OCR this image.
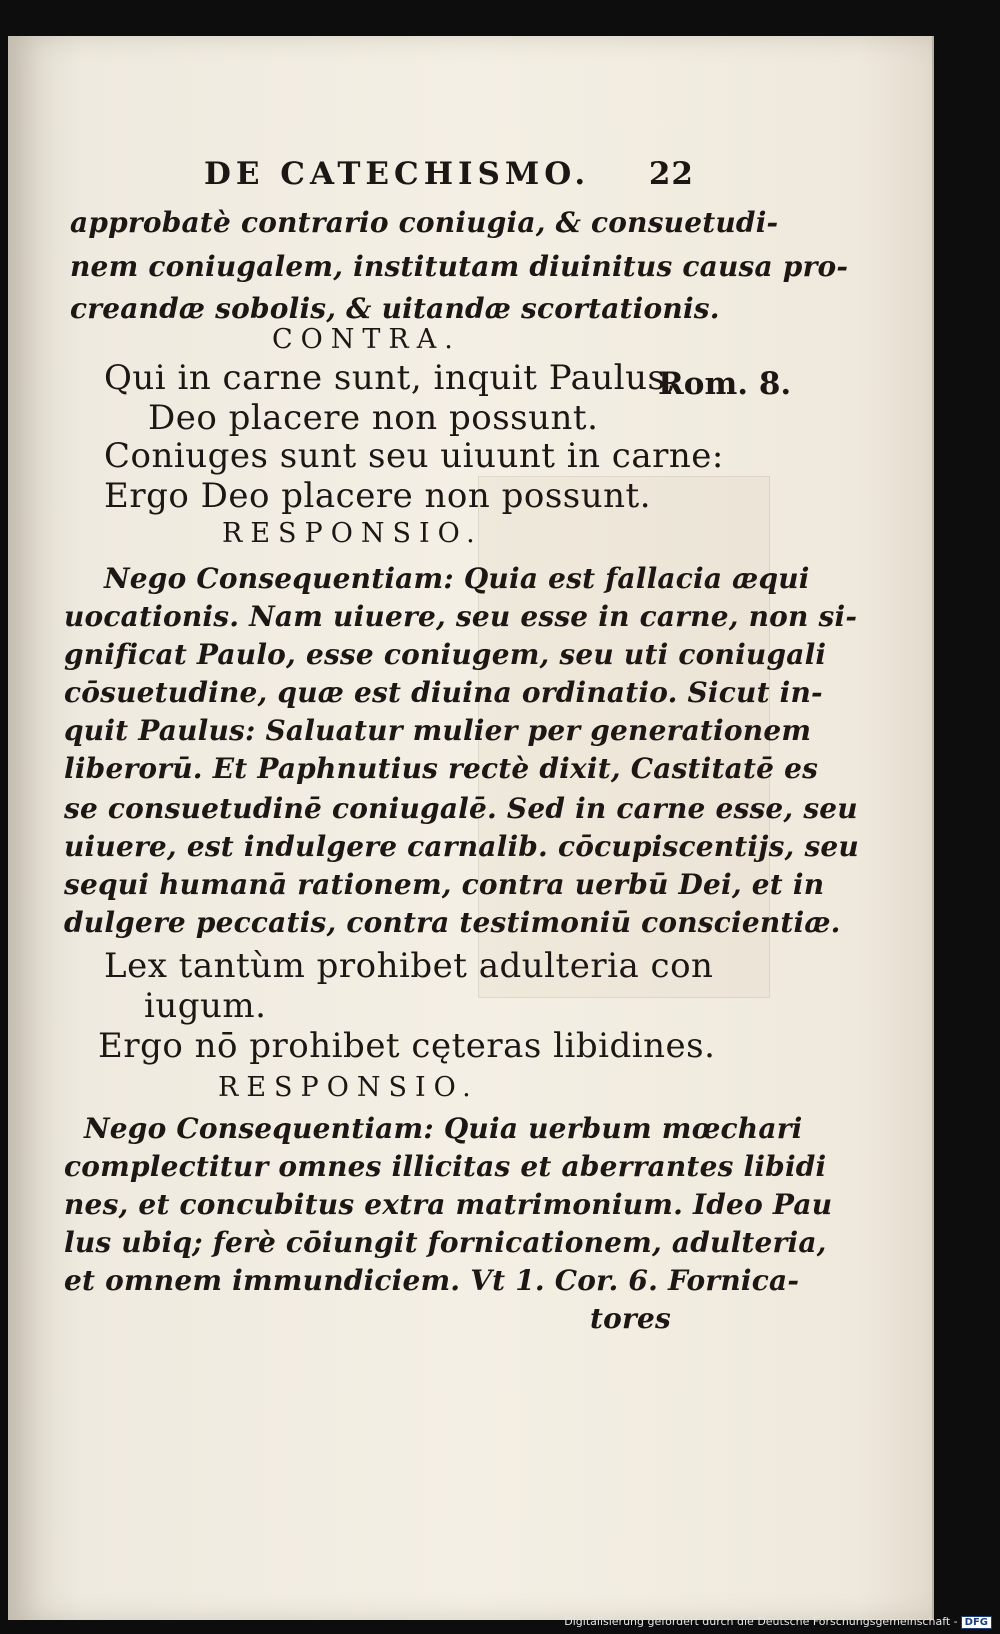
DE CATECHISMO. 22
approbatè contrario coniugia, & consuetudi-
nem coniugalem, institutam diuinitus causa pro-
creandæ sobolis, & uitandæ scortationis.
CONTRA.
Qui in carne sunt, inquit Paulus,
Rom. 8.
Deo placere non possunt.
Coniuges sunt seu uiuunt in carne:
Ergo Deo placere non possunt.
RESPONSIO.
Nego Consequentiam: Quia est fallacia æqui
uocationis. Nam uiuere, seu esse in carne, non si-
gnificat Paulo, esse coniugem, seu uti coniugali
cōsuetudine, quæ est diuina ordinatio. Sicut in-
quit Paulus: Saluatur mulier per generationem
liberorū. Et Paphnutius rectè dixit, Castitatē es
se consuetudinē coniugalē. Sed in carne esse, seu
uiuere, est indulgere carnalib. cōcupiscentijs, seu
sequi humanā rationem, contra uerbū Dei, et in
dulgere peccatis, contra testimoniū conscientiæ.
Lex tantùm prohibet adulteria con
iugum.
Ergo nō prohibet cęteras libidines.
RESPONSIO.
Nego Consequentiam: Quia uerbum mœchari
complectitur omnes illicitas et aberrantes libidi
nes, et concubitus extra matrimonium. Ideo Pau
lus ubiq; ferè cōiungit fornicationem, adulteria,
et omnem immundiciem. Vt 1. Cor. 6. Fornica-
tores
Digitalisierung gefördert durch die Deutsche Forschungsgemeinschaft - DFG
